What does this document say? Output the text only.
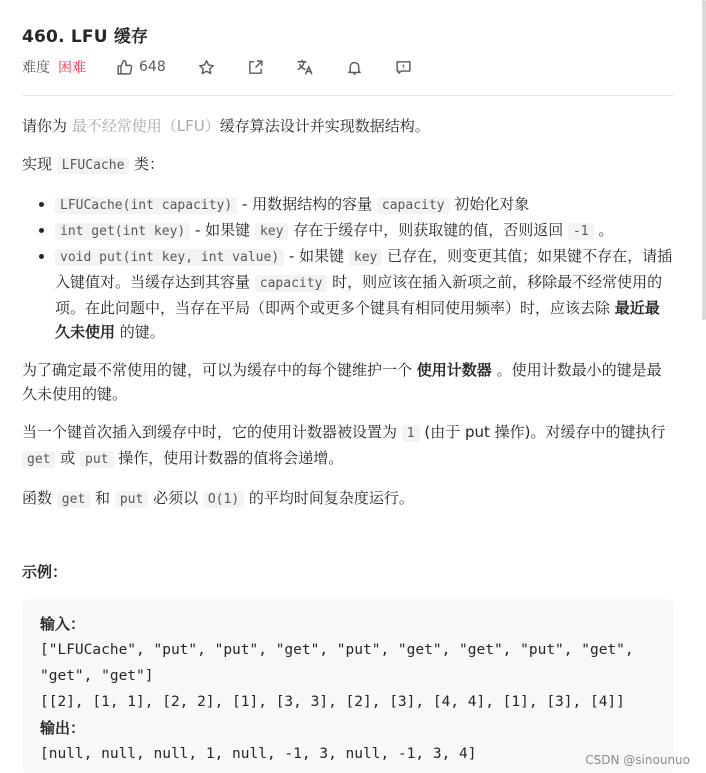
460. LFU 缓存
难度 困难	648

请你为 最不经常使用（LFU）缓存算法设计并实现数据结构。

实现 LFUCache 类：

• LFUCache(int capacity) - 用数据结构的容量 capacity 初始化对象
• int get(int key) - 如果键 key 存在于缓存中，则获取键的值，否则返回 -1 。
• void put(int key, int value) - 如果键 key 已存在，则变更其值；如果键不存在，请插入键值对。当缓存达到其容量 capacity 时，则应该在插入新项之前，移除最不经常使用的项。在此问题中，当存在平局（即两个或更多个键具有相同使用频率）时，应该去除 最近最久未使用 的键。

为了确定最不常使用的键，可以为缓存中的每个键维护一个 使用计数器 。使用计数最小的键是最久未使用的键。

当一个键首次插入到缓存中时，它的使用计数器被设置为 1 (由于 put 操作)。对缓存中的键执行 get 或 put 操作，使用计数器的值将会递增。

函数 get 和 put 必须以 O(1) 的平均时间复杂度运行。

示例：
输入：
["LFUCache", "put", "put", "get", "put", "get", "get", "put", "get",
"get", "get"]
[[2], [1, 1], [2, 2], [1], [3, 3], [2], [3], [4, 4], [1], [3], [4]]
输出：
[null, null, null, 1, null, -1, 3, null, -1, 3, 4]	CSDN @sinounuo
